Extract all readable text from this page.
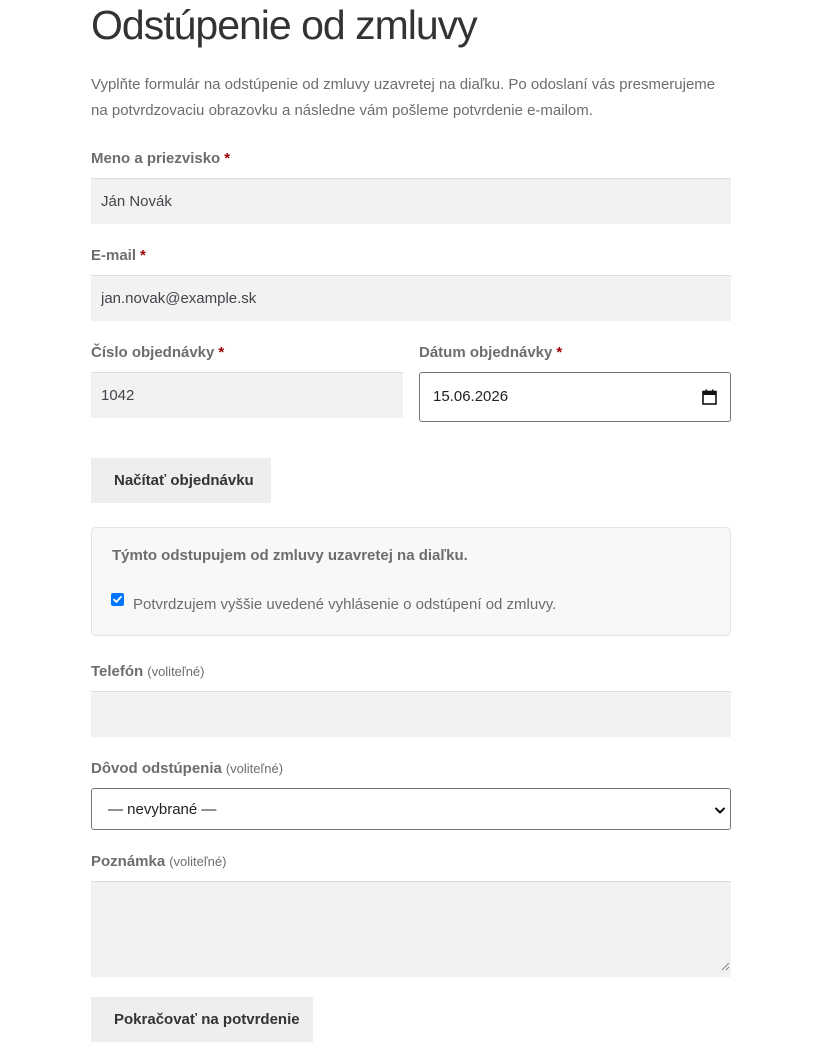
Odstúpenie od zmluvy

Vyplňte formulár na odstúpenie od zmluvy uzavretej na diaľku. Po odoslaní vás presmerujeme na potvrdzovaciu obrazovku a následne vám pošleme potvrdenie e-mailom.

Meno a priezvisko *
Ján Novák
E-mail *
jan.novak@example.sk
Číslo objednávky *
1042	Dátum objednávky *
15.06.2026
Načítať objednávku
Týmto odstupujem od zmluvy uzavretej na diaľku.
Potvrdzujem vyššie uvedené vyhlásenie o odstúpení od zmluvy.
Telefón (voliteľné)
Dôvod odstúpenia (voliteľné)
— nevybrané —
Poznámka (voliteľné)
Pokračovať na potvrdenie
